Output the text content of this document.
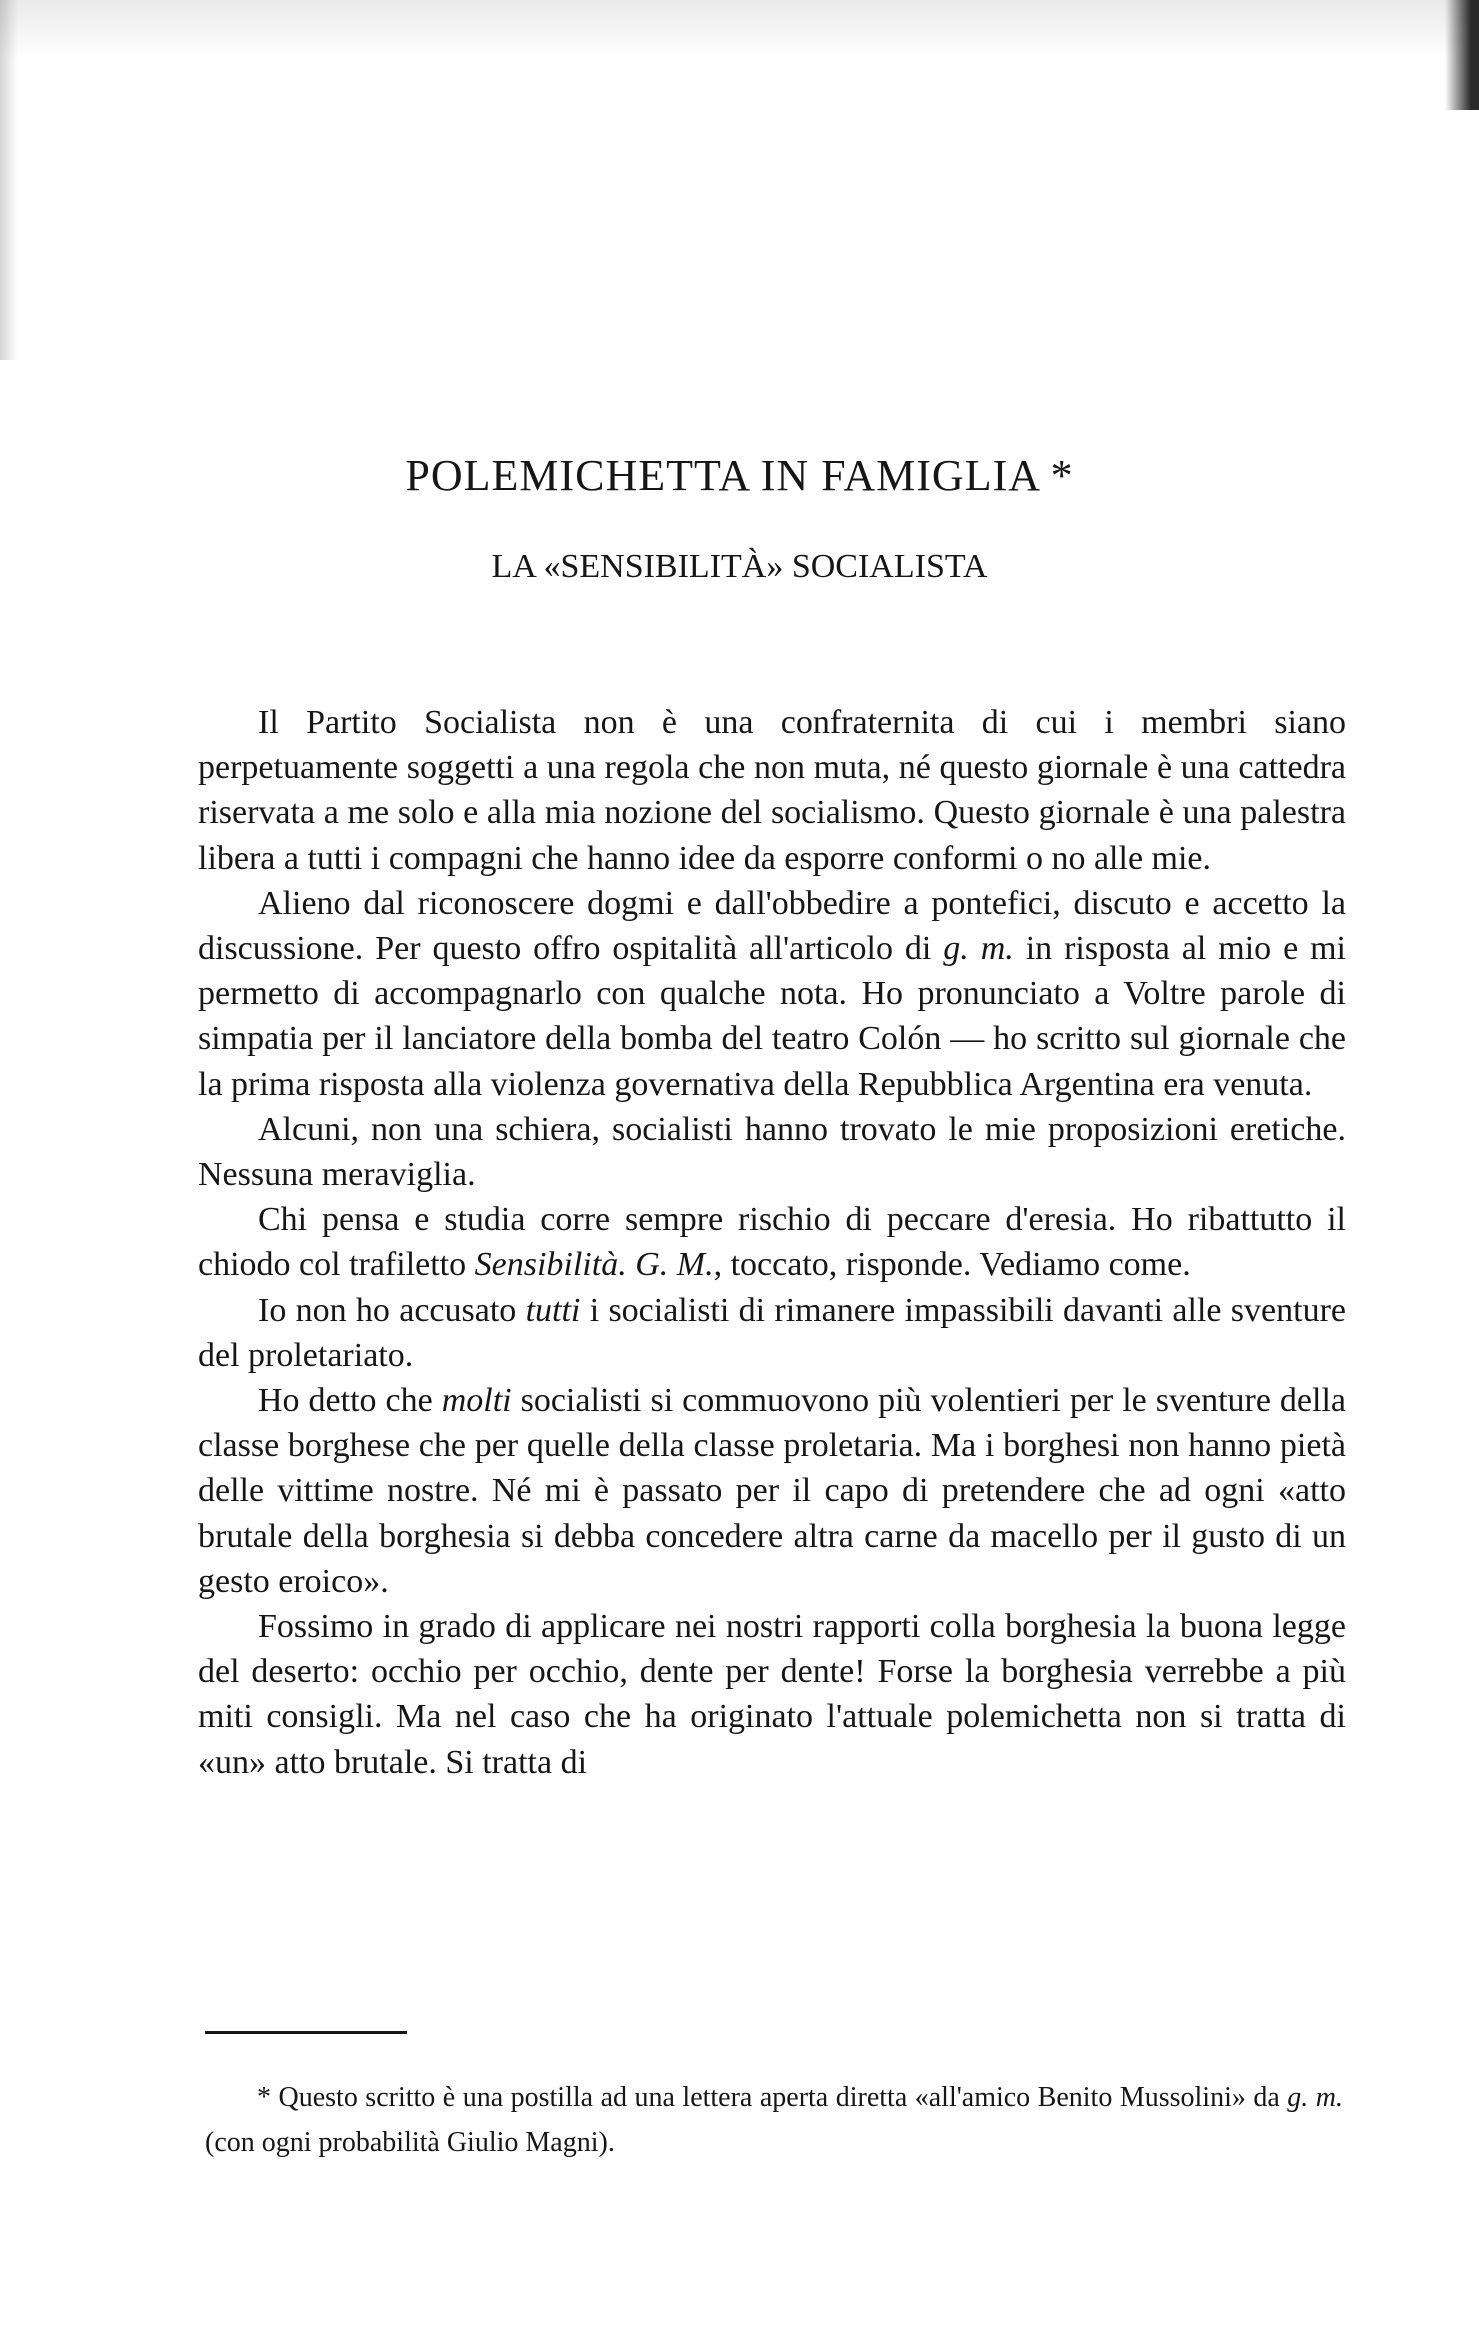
POLEMICHETTA IN FAMIGLIA *
LA «SENSIBILITÀ» SOCIALISTA

Il Partito Socialista non è una confraternita di cui i membri siano perpetuamente soggetti a una regola che non muta, né questo giornale è una cattedra riservata a me solo e alla mia nozione del socialismo. Questo giornale è una palestra libera a tutti i compagni che hanno idee da esporre conformi o no alle mie.

Alieno dal riconoscere dogmi e dall'obbedire a pontefici, discuto e accetto la discussione. Per questo offro ospitalità all'articolo di g. m. in risposta al mio e mi permetto di accompagnarlo con qualche nota. Ho pronunciato a Voltre parole di simpatia per il lanciatore della bomba del teatro Colón — ho scritto sul giornale che la prima risposta alla violenza governativa della Repubblica Argentina era venuta.

Alcuni, non una schiera, socialisti hanno trovato le mie proposizioni eretiche. Nessuna meraviglia.

Chi pensa e studia corre sempre rischio di peccare d'eresia. Ho ribattutto il chiodo col trafiletto Sensibilità. G. M., toccato, risponde. Vediamo come.

Io non ho accusato tutti i socialisti di rimanere impassibili davanti alle sventure del proletariato.

Ho detto che molti socialisti si commuovono più volentieri per le sventure della classe borghese che per quelle della classe proletaria. Ma i borghesi non hanno pietà delle vittime nostre. Né mi è passato per il capo di pretendere che ad ogni «atto brutale della borghesia si debba concedere altra carne da macello per il gusto di un gesto eroico».

Fossimo in grado di applicare nei nostri rapporti colla borghesia la buona legge del deserto: occhio per occhio, dente per dente! Forse la borghesia verrebbe a più miti consigli. Ma nel caso che ha originato l'attuale polemichetta non si tratta di «un» atto brutale. Si tratta di

* Questo scritto è una postilla ad una lettera aperta diretta «all'amico Benito Mussolini» da g. m. (con ogni probabilità Giulio Magni).
